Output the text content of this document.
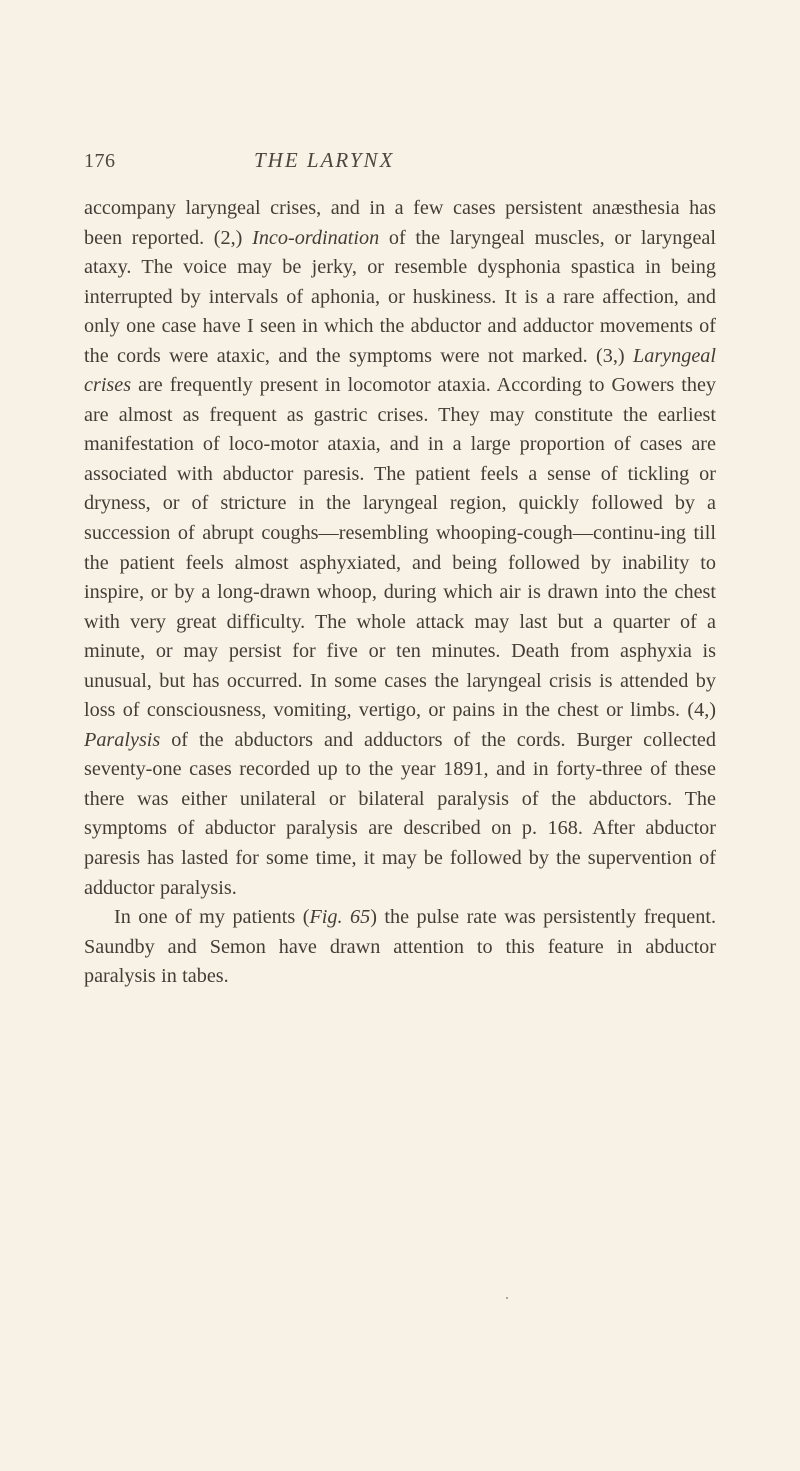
176	THE LARYNX

accompany laryngeal crises, and in a few cases persistent anæsthesia has been reported. (2,) Inco-ordination of the laryngeal muscles, or laryngeal ataxy. The voice may be jerky, or resemble dysphonia spastica in being interrupted by intervals of aphonia, or huskiness. It is a rare affection, and only one case have I seen in which the abductor and adductor movements of the cords were ataxic, and the symptoms were not marked. (3,) Laryngeal crises are frequently present in locomotor ataxia. According to Gowers they are almost as frequent as gastric crises. They may constitute the earliest manifestation of loco-motor ataxia, and in a large proportion of cases are associated with abductor paresis. The patient feels a sense of tickling or dryness, or of stricture in the laryngeal region, quickly followed by a succession of abrupt coughs—resembling whooping-cough—continu-ing till the patient feels almost asphyxiated, and being followed by inability to inspire, or by a long-drawn whoop, during which air is drawn into the chest with very great difficulty. The whole attack may last but a quarter of a minute, or may persist for five or ten minutes. Death from asphyxia is unusual, but has occurred. In some cases the laryngeal crisis is attended by loss of consciousness, vomiting, vertigo, or pains in the chest or limbs. (4,) Paralysis of the abductors and adductors of the cords. Burger collected seventy-one cases recorded up to the year 1891, and in forty-three of these there was either unilateral or bilateral paralysis of the abductors. The symptoms of abductor paralysis are described on p. 168. After abductor paresis has lasted for some time, it may be followed by the supervention of adductor paralysis.

In one of my patients (Fig. 65) the pulse rate was persistently frequent. Saundby and Semon have drawn attention to this feature in abductor paralysis in tabes.
